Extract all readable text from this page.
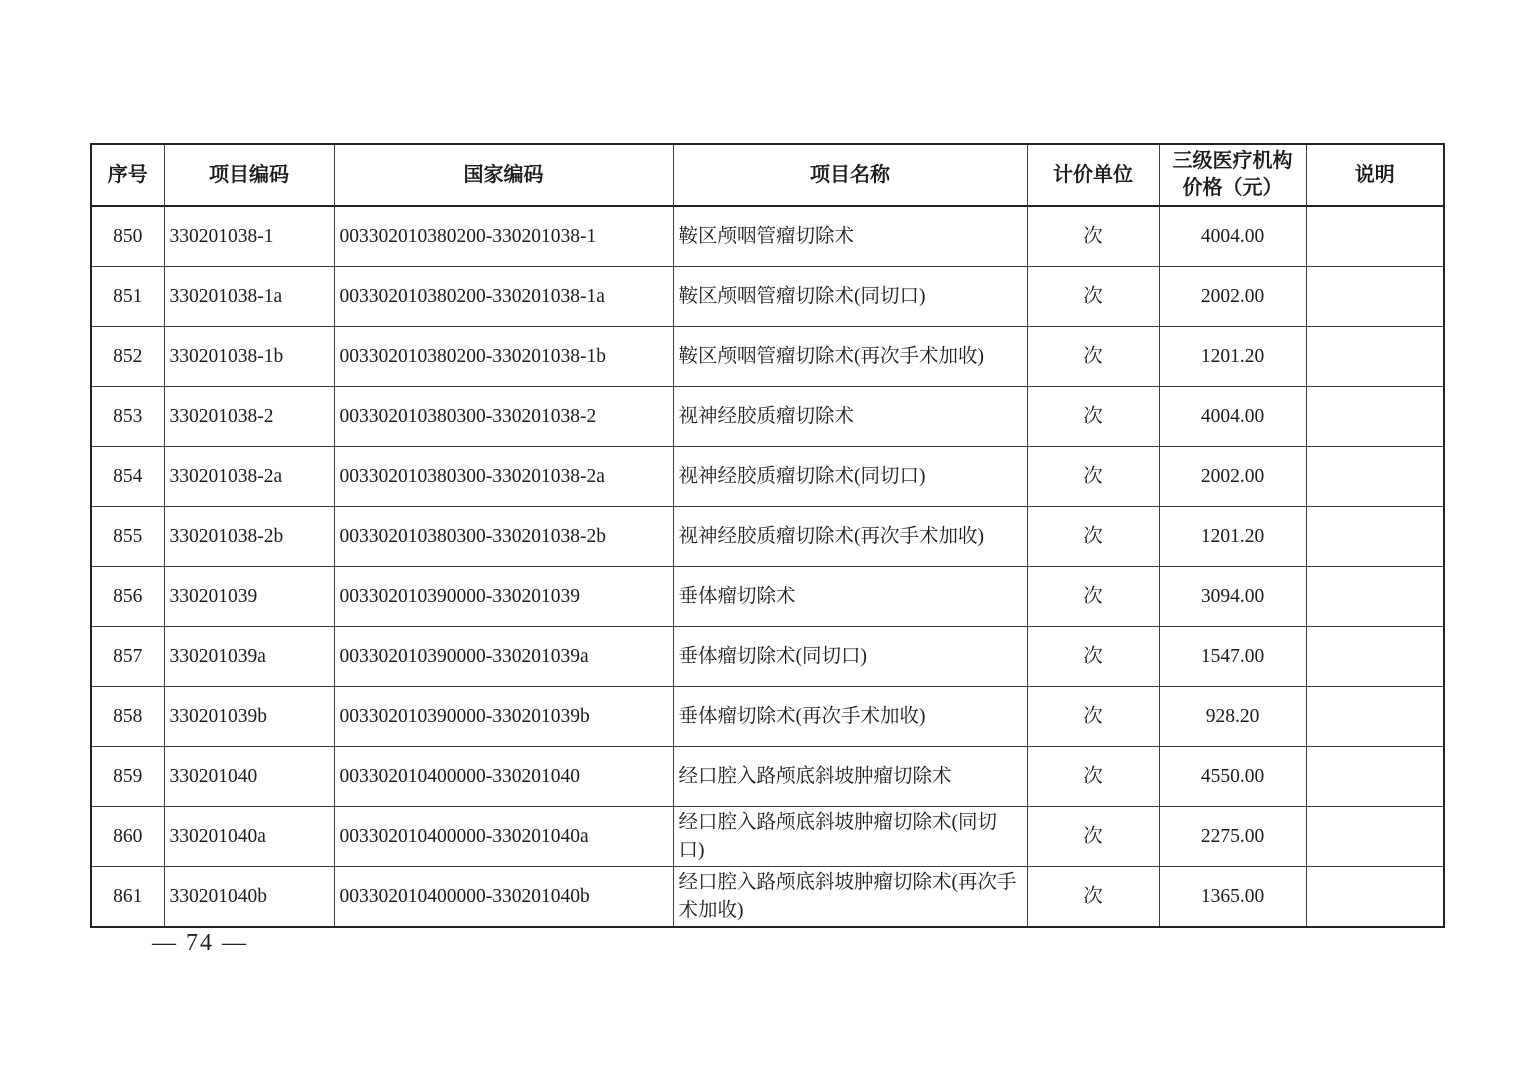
序号	项目编码	国家编码	项目名称	计价单位	三级医疗机构
价格（元）	说明
850	330201038-1	003302010380200-330201038-1	鞍区颅咽管瘤切除术	次	4004.00	
851	330201038-1a	003302010380200-330201038-1a	鞍区颅咽管瘤切除术(同切口)	次	2002.00	
852	330201038-1b	003302010380200-330201038-1b	鞍区颅咽管瘤切除术(再次手术加收)	次	1201.20	
853	330201038-2	003302010380300-330201038-2	视神经胶质瘤切除术	次	4004.00	
854	330201038-2a	003302010380300-330201038-2a	视神经胶质瘤切除术(同切口)	次	2002.00	
855	330201038-2b	003302010380300-330201038-2b	视神经胶质瘤切除术(再次手术加收)	次	1201.20	
856	330201039	003302010390000-330201039	垂体瘤切除术	次	3094.00	
857	330201039a	003302010390000-330201039a	垂体瘤切除术(同切口)	次	1547.00	
858	330201039b	003302010390000-330201039b	垂体瘤切除术(再次手术加收)	次	928.20	
859	330201040	003302010400000-330201040	经口腔入路颅底斜坡肿瘤切除术	次	4550.00	
860	330201040a	003302010400000-330201040a	经口腔入路颅底斜坡肿瘤切除术(同切口)	次	2275.00	
861	330201040b	003302010400000-330201040b	经口腔入路颅底斜坡肿瘤切除术(再次手术加收)	次	1365.00	
— 74 —
